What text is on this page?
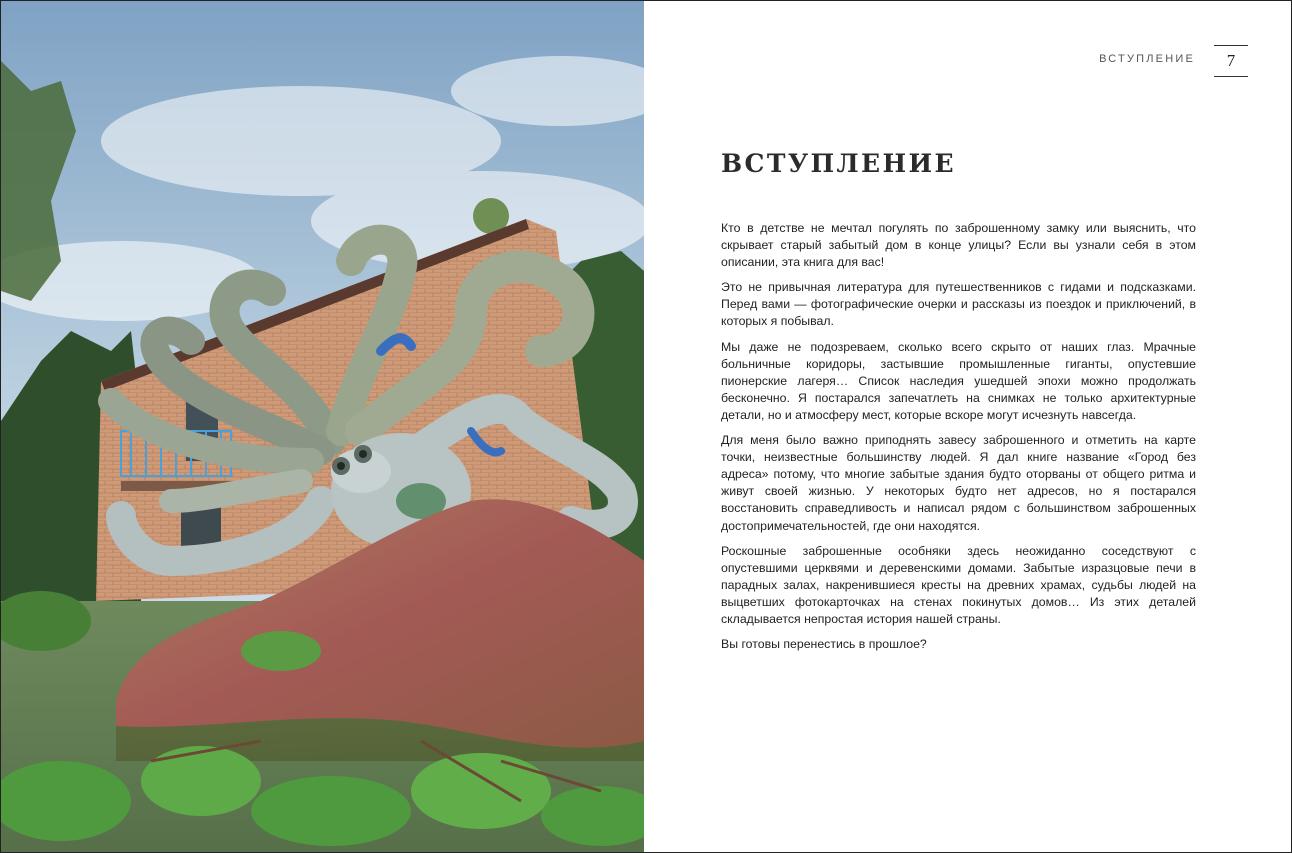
ВСТУПЛЕНИЕ	7
ВСТУПЛЕНИЕ

Кто в детстве не мечтал погулять по заброшенному замку или выяснить, что скрывает старый забытый дом в конце улицы? Если вы узнали себя в этом описании, эта книга для вас!

Это не привычная литература для путешественников с гидами и подсказками. Перед вами — фотографические очерки и рассказы из поездок и приключений, в которых я побывал.

Мы даже не подозреваем, сколько всего скрыто от наших глаз. Мрачные больничные коридоры, застывшие промышленные гиганты, опустевшие пионерские лагеря… Список наследия ушедшей эпохи можно продолжать бесконечно. Я постарался запечатлеть на снимках не только архитектурные детали, но и атмосферу мест, которые вскоре могут исчезнуть навсегда.

Для меня было важно приподнять завесу заброшенного и отметить на карте точки, неизвестные большинству людей. Я дал книге название «Город без адреса» потому, что многие забытые здания будто оторваны от общего ритма и живут своей жизнью. У некоторых будто нет адресов, но я постарался восстановить справедливость и написал рядом с большинством заброшенных достопримечательностей, где они находятся.

Роскошные заброшенные особняки здесь неожиданно соседствуют с опустевшими церквями и деревенскими домами. Забытые изразцовые печи в парадных залах, накренившиеся кресты на древних храмах, судьбы людей на выцветших фотокарточках на стенах покинутых домов… Из этих деталей складывается непростая история нашей страны.

Вы готовы перенестись в прошлое?
